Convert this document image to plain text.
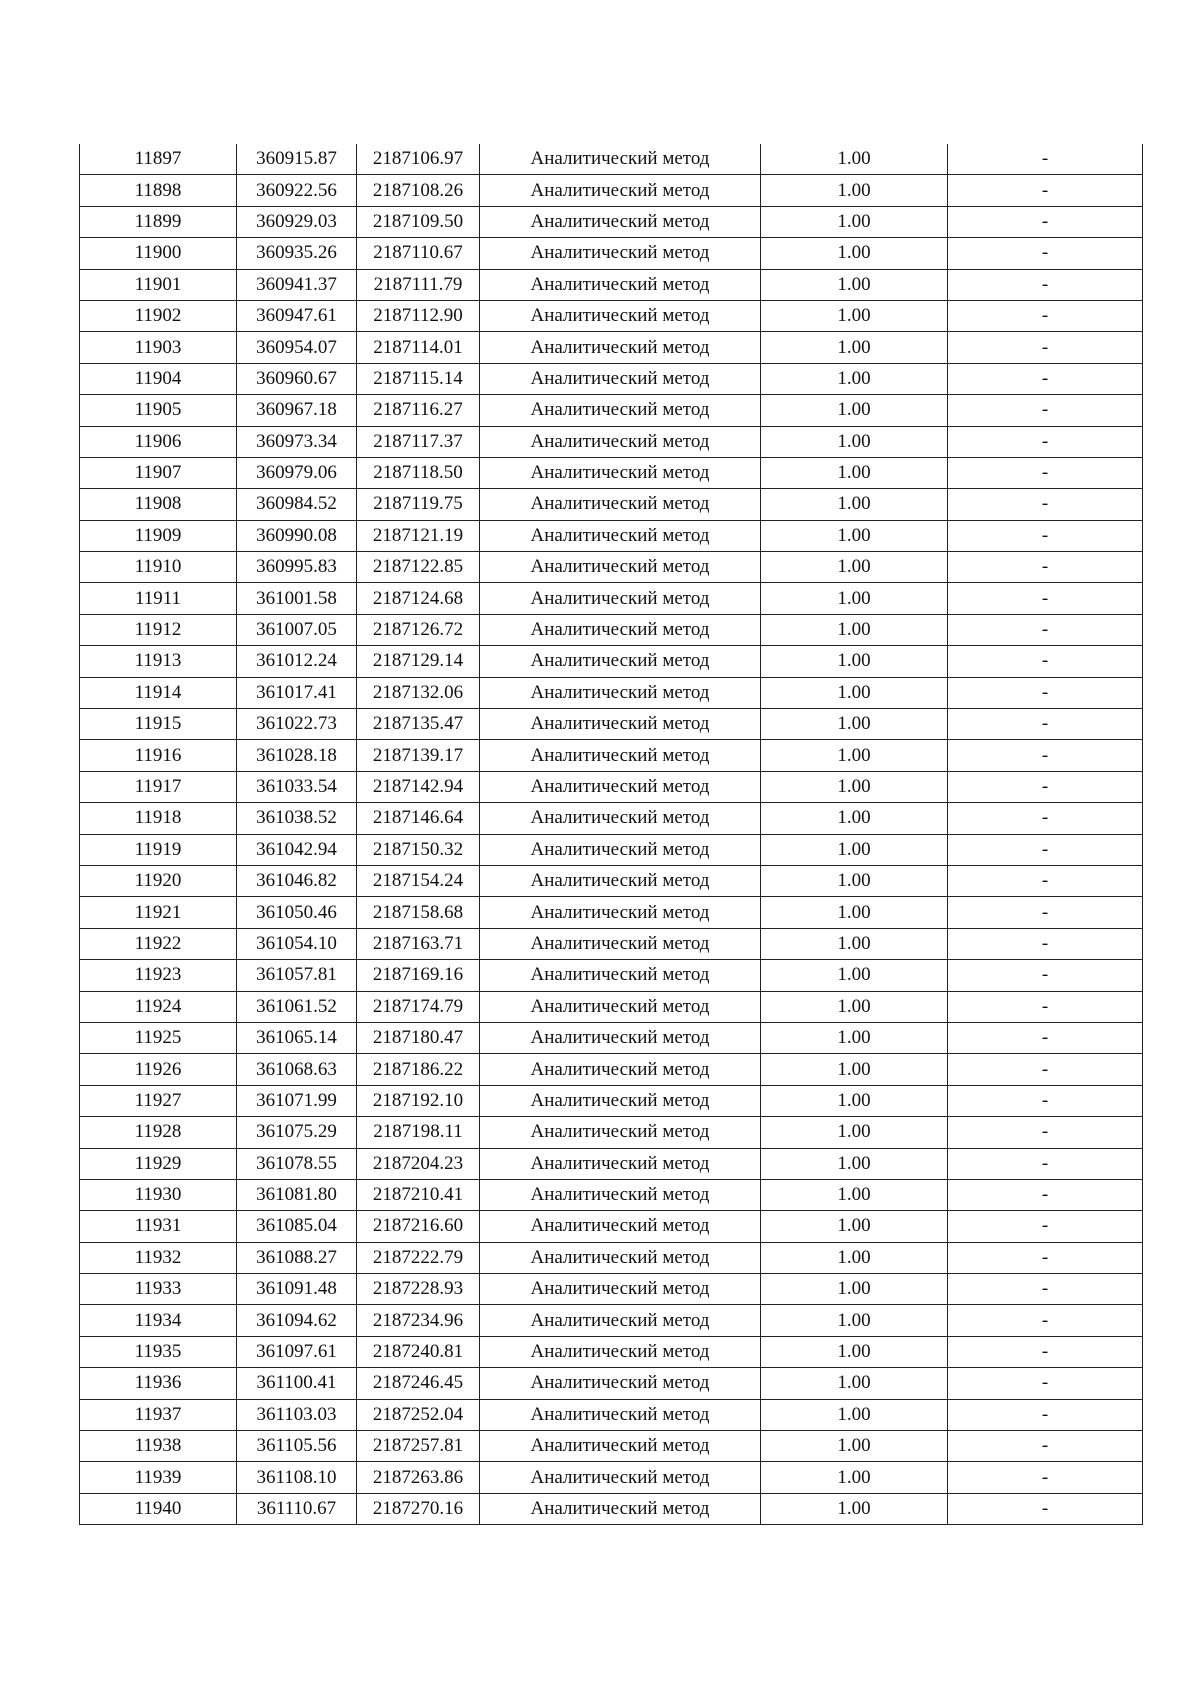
11897	360915.87	2187106.97	Аналитический метод	1.00	-
11898	360922.56	2187108.26	Аналитический метод	1.00	-
11899	360929.03	2187109.50	Аналитический метод	1.00	-
11900	360935.26	2187110.67	Аналитический метод	1.00	-
11901	360941.37	2187111.79	Аналитический метод	1.00	-
11902	360947.61	2187112.90	Аналитический метод	1.00	-
11903	360954.07	2187114.01	Аналитический метод	1.00	-
11904	360960.67	2187115.14	Аналитический метод	1.00	-
11905	360967.18	2187116.27	Аналитический метод	1.00	-
11906	360973.34	2187117.37	Аналитический метод	1.00	-
11907	360979.06	2187118.50	Аналитический метод	1.00	-
11908	360984.52	2187119.75	Аналитический метод	1.00	-
11909	360990.08	2187121.19	Аналитический метод	1.00	-
11910	360995.83	2187122.85	Аналитический метод	1.00	-
11911	361001.58	2187124.68	Аналитический метод	1.00	-
11912	361007.05	2187126.72	Аналитический метод	1.00	-
11913	361012.24	2187129.14	Аналитический метод	1.00	-
11914	361017.41	2187132.06	Аналитический метод	1.00	-
11915	361022.73	2187135.47	Аналитический метод	1.00	-
11916	361028.18	2187139.17	Аналитический метод	1.00	-
11917	361033.54	2187142.94	Аналитический метод	1.00	-
11918	361038.52	2187146.64	Аналитический метод	1.00	-
11919	361042.94	2187150.32	Аналитический метод	1.00	-
11920	361046.82	2187154.24	Аналитический метод	1.00	-
11921	361050.46	2187158.68	Аналитический метод	1.00	-
11922	361054.10	2187163.71	Аналитический метод	1.00	-
11923	361057.81	2187169.16	Аналитический метод	1.00	-
11924	361061.52	2187174.79	Аналитический метод	1.00	-
11925	361065.14	2187180.47	Аналитический метод	1.00	-
11926	361068.63	2187186.22	Аналитический метод	1.00	-
11927	361071.99	2187192.10	Аналитический метод	1.00	-
11928	361075.29	2187198.11	Аналитический метод	1.00	-
11929	361078.55	2187204.23	Аналитический метод	1.00	-
11930	361081.80	2187210.41	Аналитический метод	1.00	-
11931	361085.04	2187216.60	Аналитический метод	1.00	-
11932	361088.27	2187222.79	Аналитический метод	1.00	-
11933	361091.48	2187228.93	Аналитический метод	1.00	-
11934	361094.62	2187234.96	Аналитический метод	1.00	-
11935	361097.61	2187240.81	Аналитический метод	1.00	-
11936	361100.41	2187246.45	Аналитический метод	1.00	-
11937	361103.03	2187252.04	Аналитический метод	1.00	-
11938	361105.56	2187257.81	Аналитический метод	1.00	-
11939	361108.10	2187263.86	Аналитический метод	1.00	-
11940	361110.67	2187270.16	Аналитический метод	1.00	-
